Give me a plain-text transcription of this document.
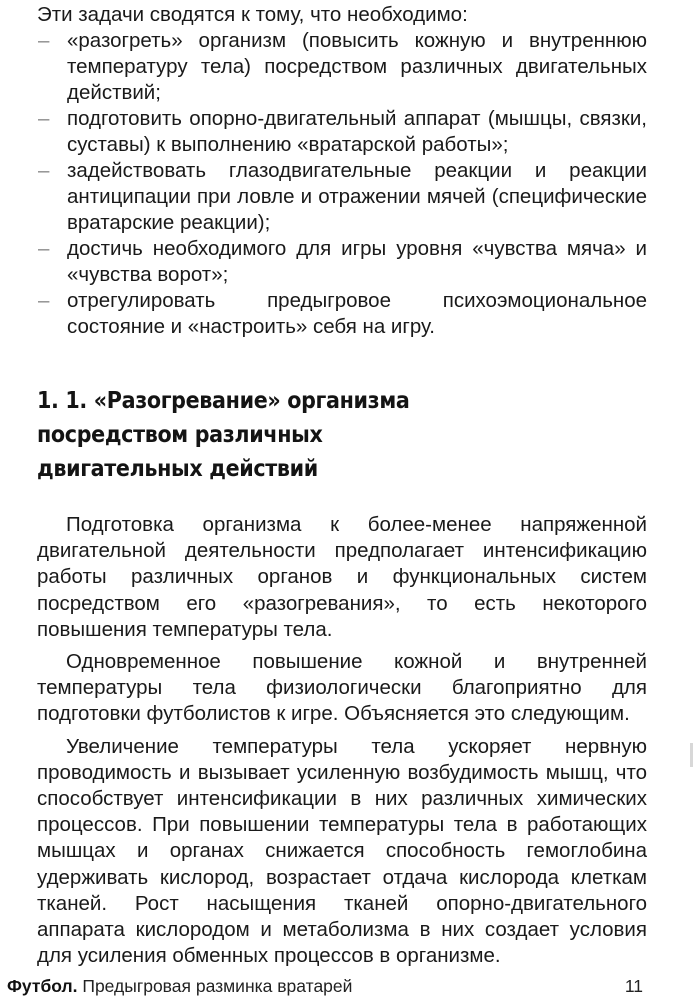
Эти задачи сводятся к тому, что необходимо:

– «разогреть» организм (повысить кожную и внутреннюю температуру тела) посредством различных двигательных действий;
– подготовить опорно-двигательный аппарат (мышцы, связки, суставы) к выполнению «вратарской работы»;
– задействовать глазодвигательные реакции и реакции антиципации при ловле и отражении мячей (специфические вратарские реакции);
– достичь необходимого для игры уровня «чувства мяча» и «чувства ворот»;
– отрегулировать предыгровое психоэмоциональное состояние и «настроить» себя на игру.
1. 1. «Разогревание» организма
посредством различных
двигательных действий

Подготовка организма к более-менее напряженной двигательной деятельности предполагает интенсификацию работы различных органов и функциональных систем посредством его «разогревания», то есть некоторого повышения температуры тела.

Одновременное повышение кожной и внутренней температуры тела физиологически благоприятно для подготовки футболистов к игре. Объясняется это следующим.

Увеличение температуры тела ускоряет нервную проводимость и вызывает усиленную возбудимость мышц, что способствует интенсификации в них различных химических процессов. При повышении температуры тела в работающих мышцах и органах снижается способность гемоглобина удерживать кислород, возрастает отдача кислорода клеткам тканей. Рост насыщения тканей опорно-двигательного аппарата кислородом и метаболизма в них создает условия для усиления обменных процессов в организме.

Футбол. Предыгровая разминка вратарей	11
